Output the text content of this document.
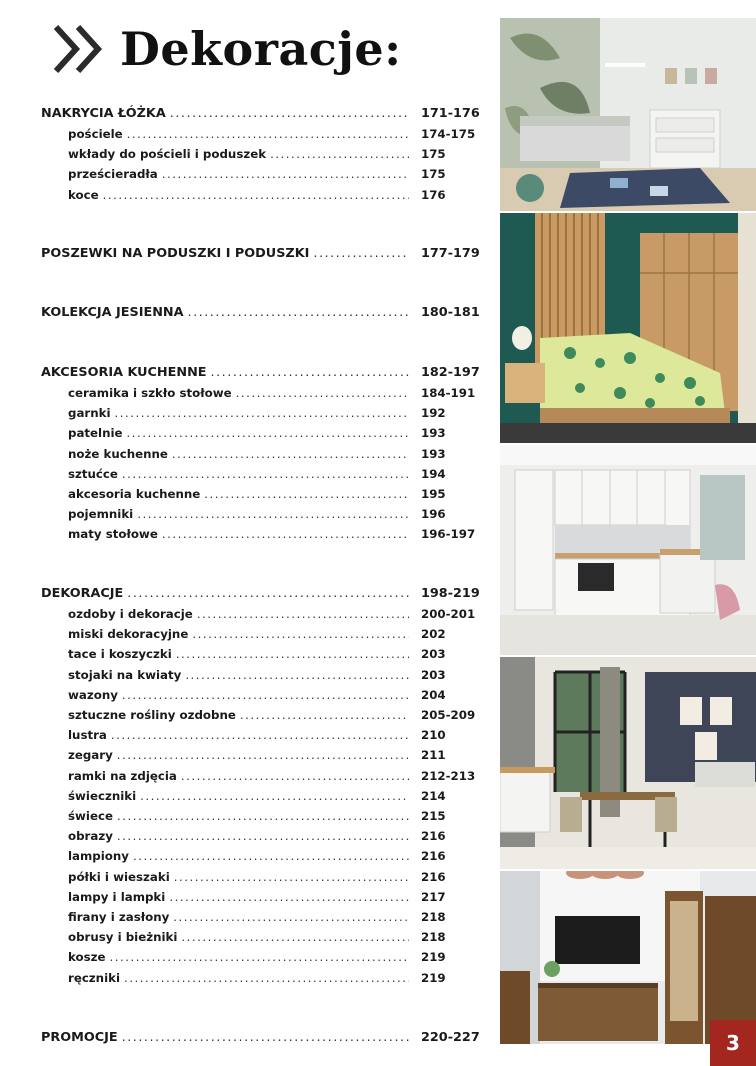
Dekoracje:
NAKRYCIA ŁÓŻKA .....	171-176
pościele .....	174-175
wkłady do pościeli i poduszek .....	175
prześcieradła .....	175
koce .....	176
POSZEWKI NA PODUSZKI I PODUSZKI .....	177-179
KOLEKCJA JESIENNA .....	180-181
AKCESORIA KUCHENNE .....	182-197
ceramika i szkło stołowe .....	184-191
garnki .....	192
patelnie .....	193
noże kuchenne .....	193
sztućce .....	194
akcesoria kuchenne .....	195
pojemniki .....	196
maty stołowe .....	196-197
DEKORACJE .....	198-219
ozdoby i dekoracje .....	200-201
miski dekoracyjne .....	202
tace i koszyczki .....	203
stojaki na kwiaty .....	203
wazony .....	204
sztuczne rośliny ozdobne .....	205-209
lustra .....	210
zegary .....	211
ramki na zdjęcia .....	212-213
świeczniki .....	214
świece .....	215
obrazy .....	216
lampiony .....	216
półki i wieszaki .....	216
lampy i lampki .....	217
firany i zasłony .....	218
obrusy i bieżniki .....	218
kosze .....	219
ręczniki .....	219
PROMOCJE .....	220-227	3
